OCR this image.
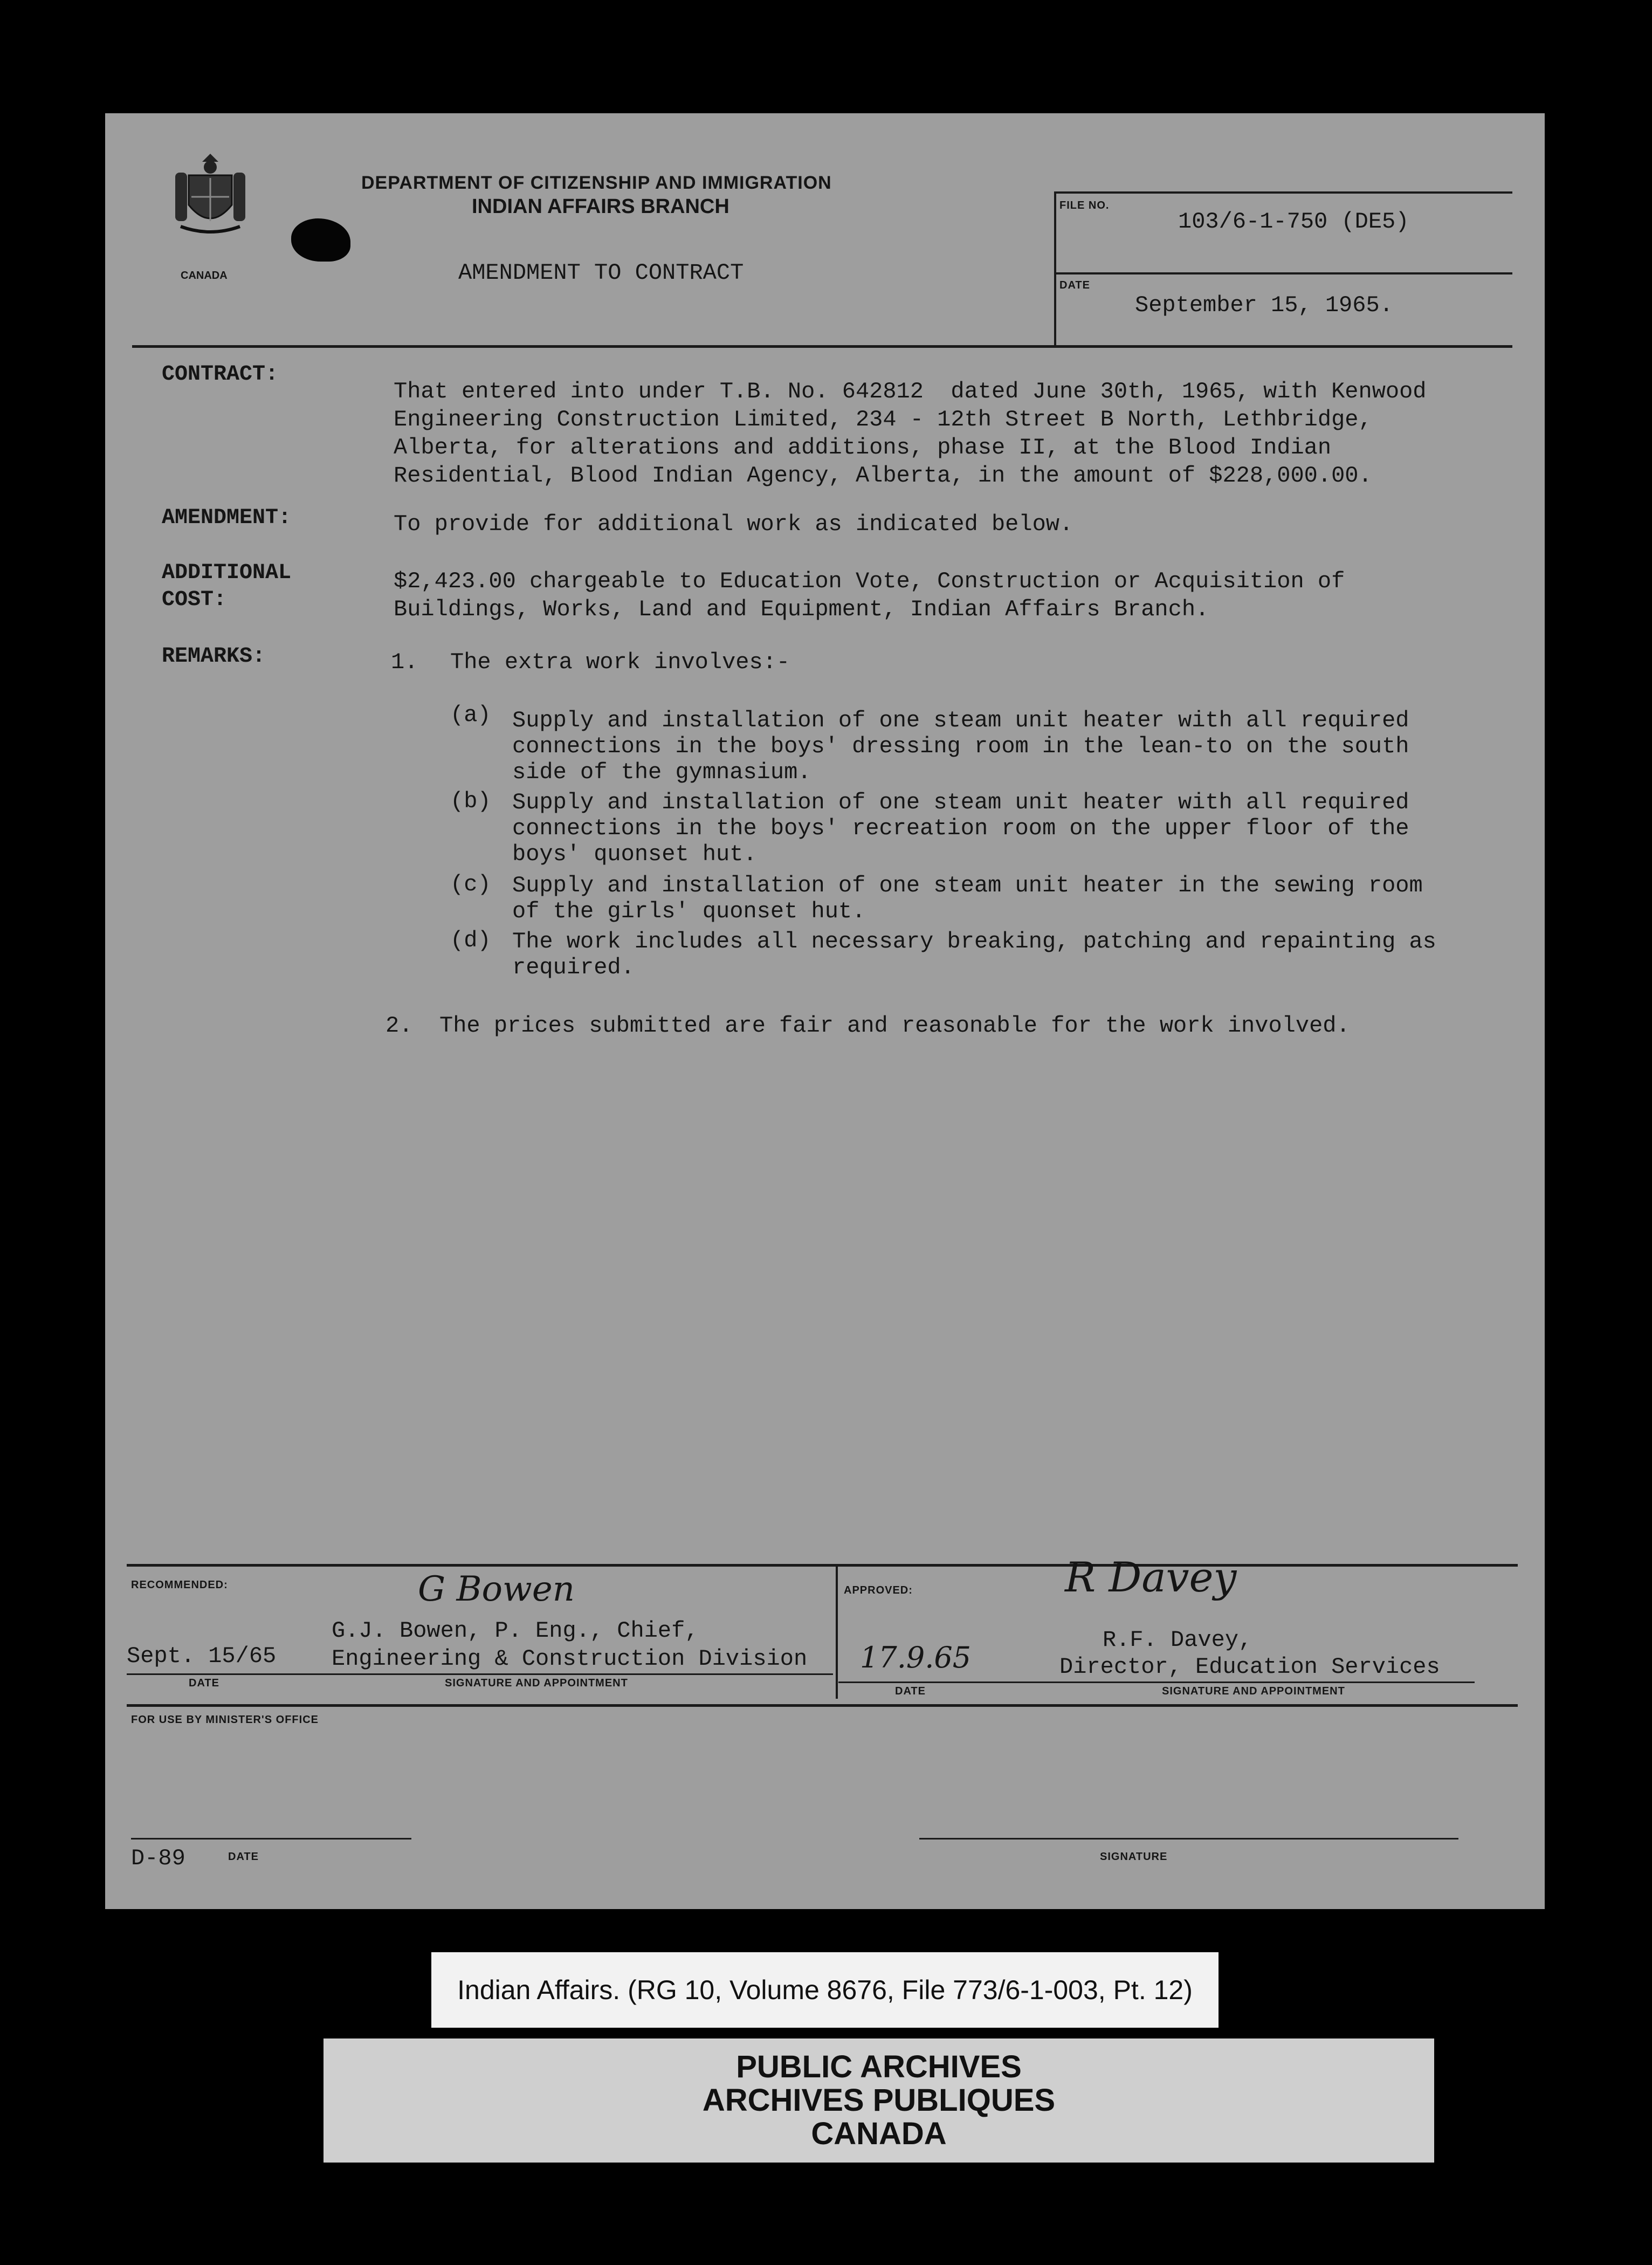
CANADA
DEPARTMENT OF CITIZENSHIP AND IMMIGRATION
INDIAN AFFAIRS BRANCH
AMENDMENT TO CONTRACT
FILE NO.
103/6-1-750 (DE5)
DATE
September 15, 1965.
CONTRACT:
That entered into under T.B. No. 642812  dated June 30th, 1965, with Kenwood
Engineering Construction Limited, 234 - 12th Street B North, Lethbridge,
Alberta, for alterations and additions, phase II, at the Blood Indian
Residential, Blood Indian Agency, Alberta, in the amount of $228,000.00.
AMENDMENT:	To provide for additional work as indicated below.
ADDITIONAL
COST:
$2,423.00 chargeable to Education Vote, Construction or Acquisition of
Buildings, Works, Land and Equipment, Indian Affairs Branch.
REMARKS:	1. The extra work involves:-
(a) Supply and installation of one steam unit heater with all required
connections in the boys' dressing room in the lean-to on the south
side of the gymnasium.
(b) Supply and installation of one steam unit heater with all required
connections in the boys' recreation room on the upper floor of the
boys' quonset hut.
(c) Supply and installation of one steam unit heater in the sewing room
of the girls' quonset hut.
(d) The work includes all necessary breaking, patching and repainting as
required.
2. The prices submitted are fair and reasonable for the work involved.
RECOMMENDED:	G Bowen
G.J. Bowen, P. Eng., Chief,
Sept. 15/65 Engineering & Construction Division
DATE	SIGNATURE AND APPOINTMENT
APPROVED:	R Davey
17.9.65
R.F. Davey,
Director, Education Services
DATE	SIGNATURE AND APPOINTMENT
FOR USE BY MINISTER'S OFFICE
D-89	DATE	SIGNATURE
Indian Affairs. (RG 10, Volume 8676, File 773/6-1-003, Pt. 12)
PUBLIC ARCHIVES
ARCHIVES PUBLIQUES
CANADA
